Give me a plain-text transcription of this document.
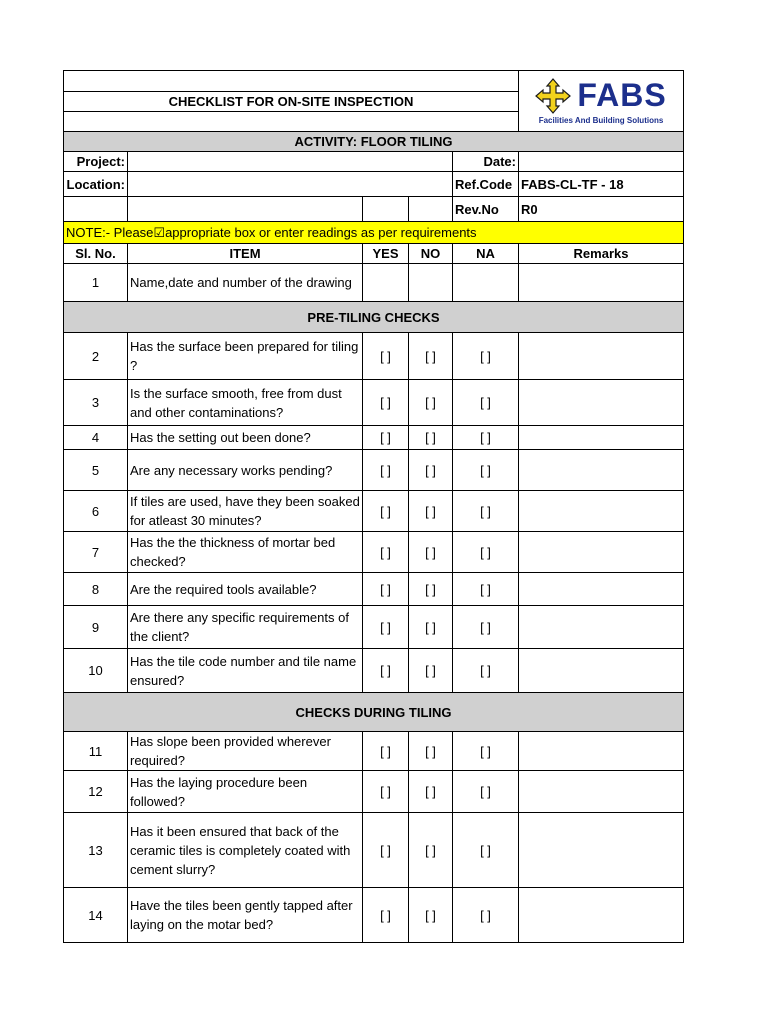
					FABS
Facilities And Building Solutions

CHECKLIST FOR ON-SITE INSPECTION					

ACTIVITY: FLOOR TILING					
Project:				Date:	
Location:				Ref.Code	FABS-CL-TF - 18
				Rev.No	R0
NOTE:- Please☑appropriate box or enter readings as per requirements					
Sl. No.	ITEM	YES	NO	NA	Remarks
1	Name,date and number of the drawing				
PRE-TILING CHECKS					
2	Has the surface been prepared for tiling ?	[ ]	[ ]	[ ]	
3	Is the surface smooth, free from dust and other contaminations?	[ ]	[ ]	[ ]	
4	Has the setting out been done?	[ ]	[ ]	[ ]	
5	Are any necessary works pending?	[ ]	[ ]	[ ]	
6	If tiles are used, have they been soaked for atleast 30 minutes?	[ ]	[ ]	[ ]	
7	Has the the thickness of mortar bed checked?	[ ]	[ ]	[ ]	
8	Are the required tools available?	[ ]	[ ]	[ ]	
9	Are there any specific requirements of the client?	[ ]	[ ]	[ ]	
10	Has the tile code number and tile name ensured?	[ ]	[ ]	[ ]	
CHECKS DURING TILING					
11	Has slope been provided wherever required?	[ ]	[ ]	[ ]	
12	Has the laying procedure been followed?	[ ]	[ ]	[ ]	
13	Has it been ensured that back of the ceramic tiles is completely coated with cement slurry?	[ ]	[ ]	[ ]	
14	Have the tiles been gently tapped after laying on the motar bed?	[ ]	[ ]	[ ]	
